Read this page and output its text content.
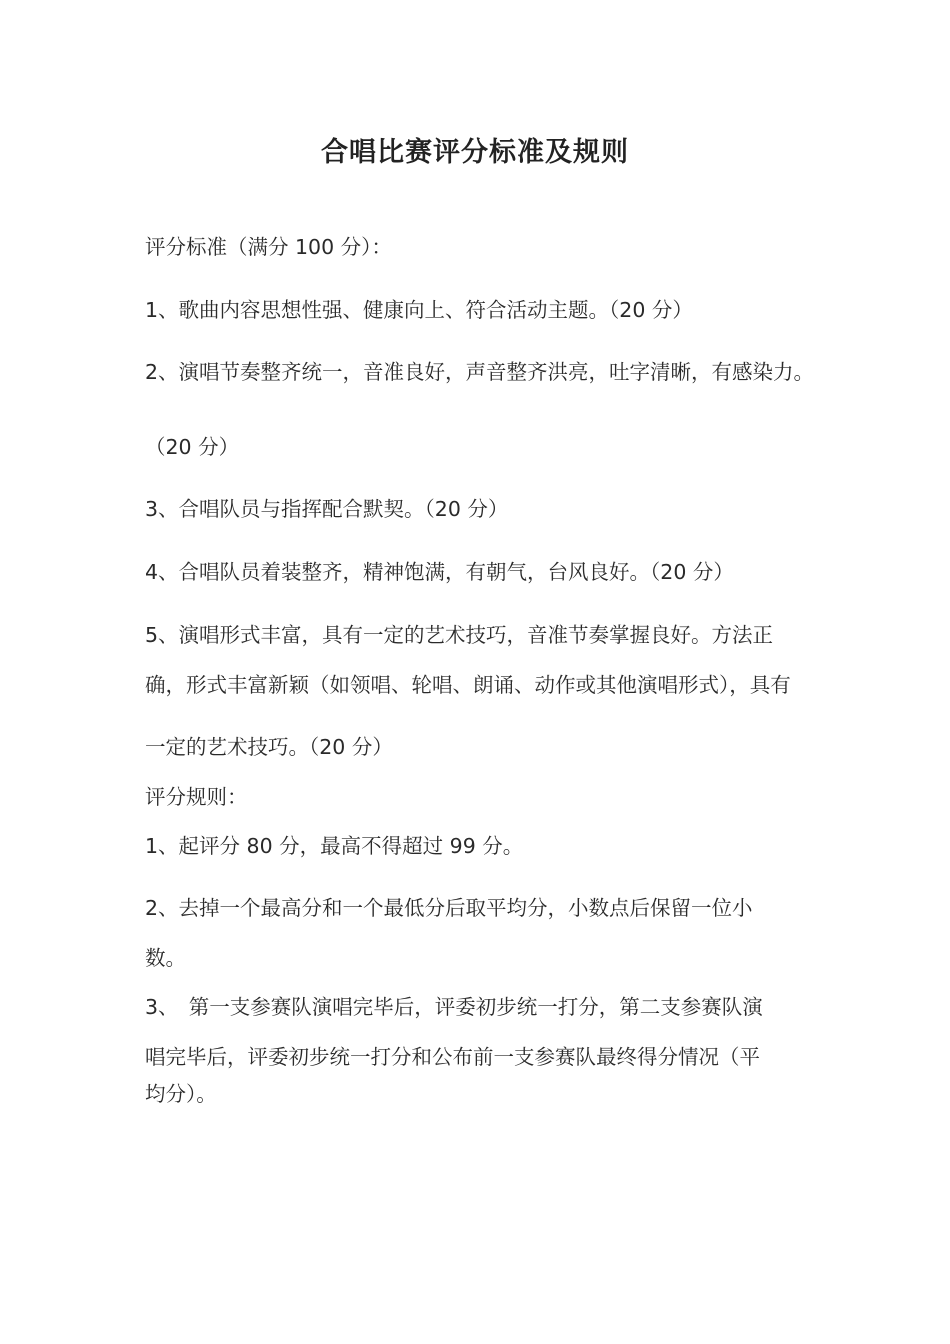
合唱比赛评分标准及规则
评分标准（满分 100 分）：
1、歌曲内容思想性强、健康向上、符合活动主题。（20 分）
2、演唱节奏整齐统一，音准良好，声音整齐洪亮，吐字清晰，有感染力。
（20 分）
3、合唱队员与指挥配合默契。（20 分）
4、合唱队员着装整齐，精神饱满，有朝气，台风良好。（20 分）
5、演唱形式丰富，具有一定的艺术技巧，音准节奏掌握良好。方法正
确，形式丰富新颖（如领唱、轮唱、朗诵、动作或其他演唱形式），具有
一定的艺术技巧。（20 分）
评分规则：
1、起评分 80 分，最高不得超过 99 分。
2、去掉一个最高分和一个最低分后取平均分，小数点后保留一位小
数。
3、　第一支参赛队演唱完毕后，评委初步统一打分，第二支参赛队演
唱完毕后，评委初步统一打分和公布前一支参赛队最终得分情况（平
均分）。
